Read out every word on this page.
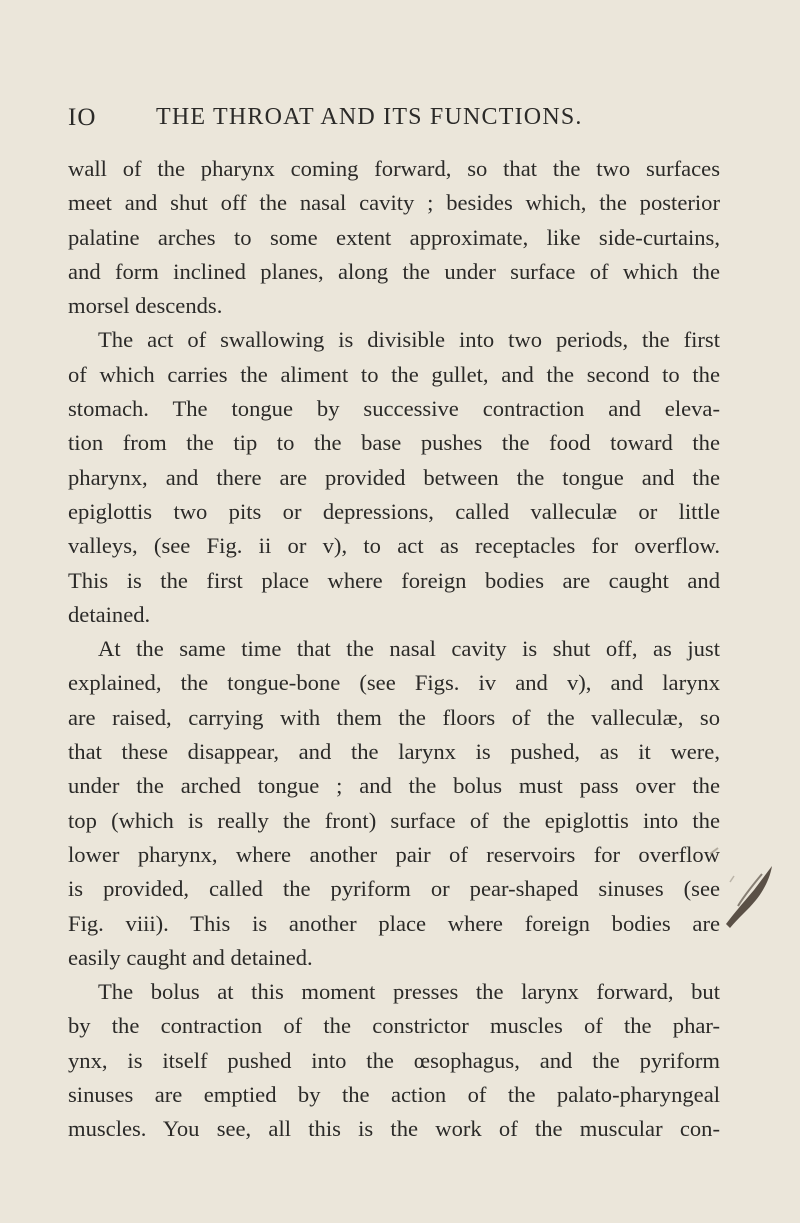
IO THE THROAT AND ITS FUNCTIONS.
wall of the pharynx coming forward, so that the two surfaces
meet and shut off the nasal cavity ; besides which, the posterior
palatine arches to some extent approximate, like side-curtains,
and form inclined planes, along the under surface of which the
morsel descends.
The act of swallowing is divisible into two periods, the first
of which carries the aliment to the gullet, and the second to the
stomach. The tongue by successive contraction and eleva-
tion from the tip to the base pushes the food toward the
pharynx, and there are provided between the tongue and the
epiglottis two pits or depressions, called valleculæ or little
valleys, (see Fig. ii or v), to act as receptacles for overflow.
This is the first place where foreign bodies are caught and
detained.
At the same time that the nasal cavity is shut off, as just
explained, the tongue-bone (see Figs. iv and v), and larynx
are raised, carrying with them the floors of the valleculæ, so
that these disappear, and the larynx is pushed, as it were,
under the arched tongue ; and the bolus must pass over the
top (which is really the front) surface of the epiglottis into the
lower pharynx, where another pair of reservoirs for overflow
is provided, called the pyriform or pear-shaped sinuses (see
Fig. viii). This is another place where foreign bodies are
easily caught and detained.
The bolus at this moment presses the larynx forward, but
by the contraction of the constrictor muscles of the phar-
ynx, is itself pushed into the œsophagus, and the pyriform
sinuses are emptied by the action of the palato-pharyngeal
muscles. You see, all this is the work of the muscular con-
